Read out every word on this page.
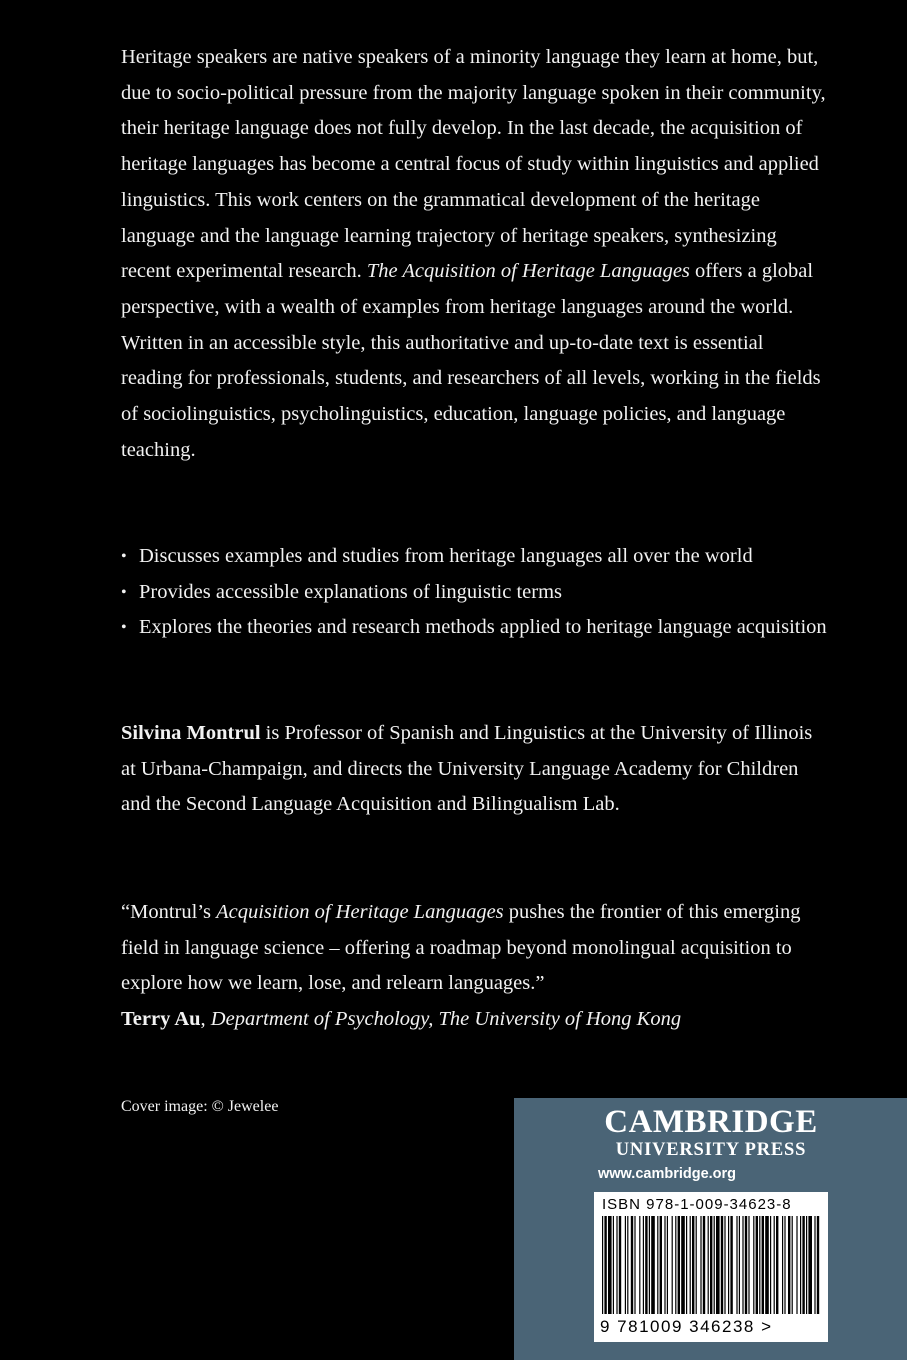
Heritage speakers are native speakers of a minority language they learn at home, but, due to socio-political pressure from the majority language spoken in their community, their heritage language does not fully develop. In the last decade, the acquisition of heritage languages has become a central focus of study within linguistics and applied linguistics. This work centers on the grammatical development of the heritage language and the language learning trajectory of heritage speakers, synthesizing recent experimental research. The Acquisition of Heritage Languages offers a global perspective, with a wealth of examples from heritage languages around the world. Written in an accessible style, this authoritative and up-to-date text is essential reading for professionals, students, and researchers of all levels, working in the fields of sociolinguistics, psycholinguistics, education, language policies, and language teaching.

• Discusses examples and studies from heritage languages all over the world
• Provides accessible explanations of linguistic terms
• Explores the theories and research methods applied to heritage language acquisition

Silvina Montrul is Professor of Spanish and Linguistics at the University of Illinois at Urbana-Champaign, and directs the University Language Academy for Children and the Second Language Acquisition and Bilingualism Lab.

“Montrul’s Acquisition of Heritage Languages pushes the frontier of this emerging field in language science – offering a roadmap beyond monolingual acquisition to explore how we learn, lose, and relearn languages.”

Terry Au, Department of Psychology, The University of Hong Kong

Cover image: © Jewelee	CAMBRIDGE
UNIVERSITY PRESS
www.cambridge.org
ISBN 978-1-009-34623-8
9 781009 346238 >
